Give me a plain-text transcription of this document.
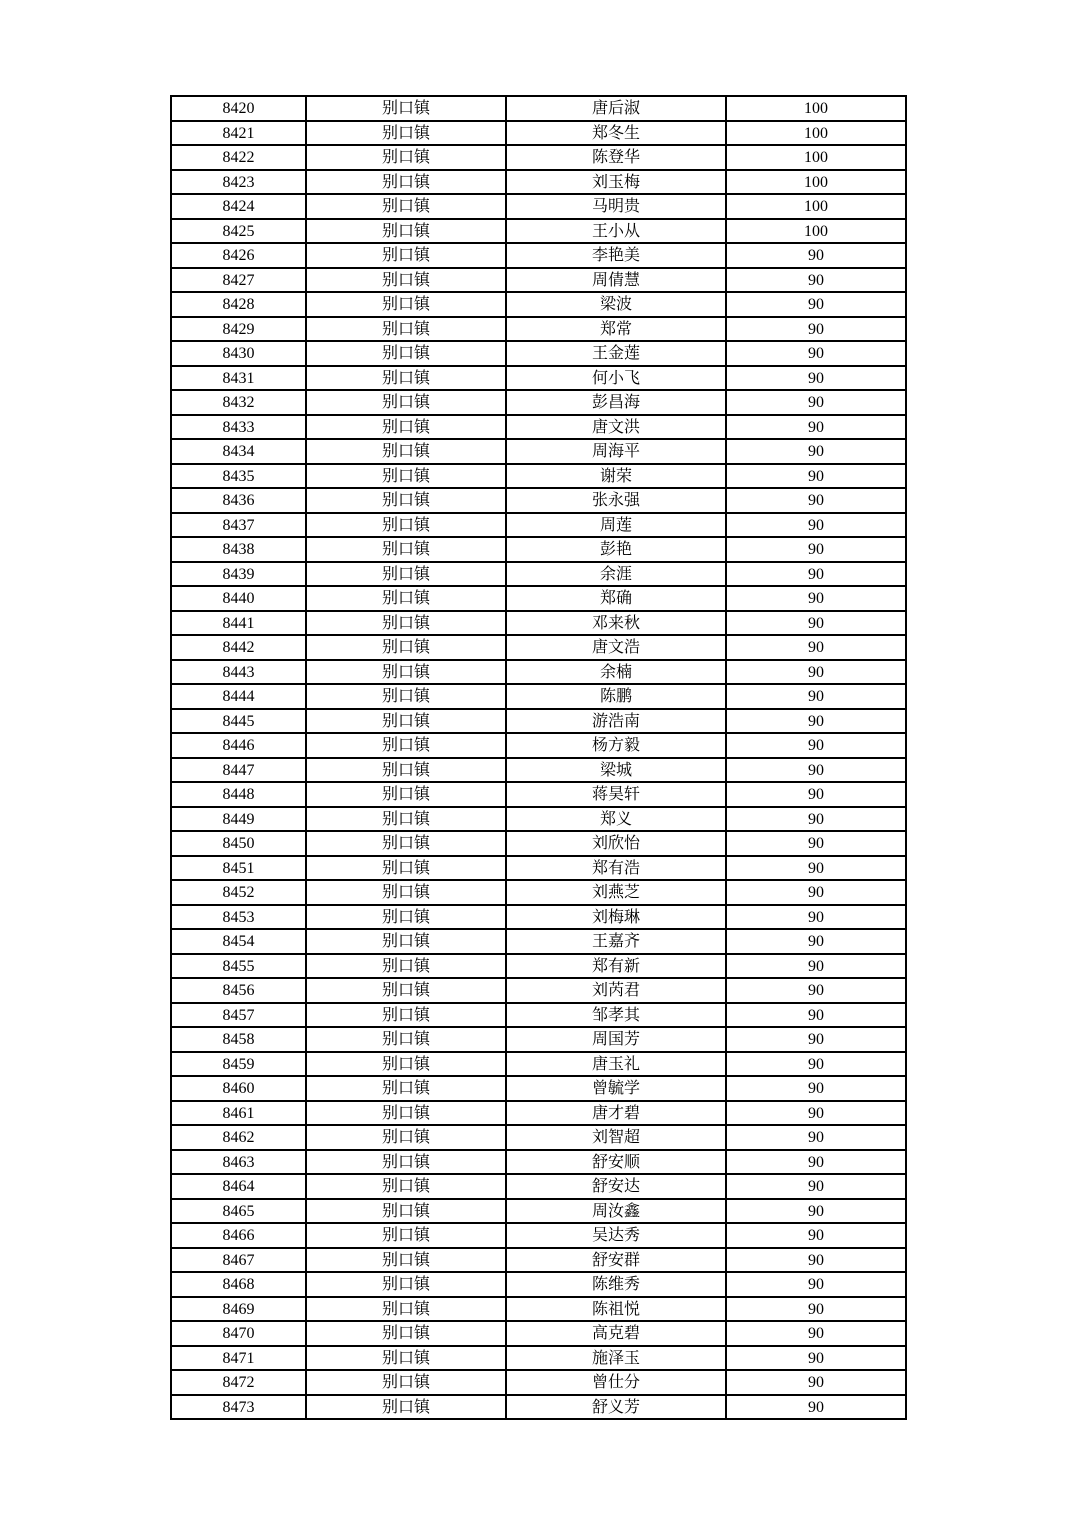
8420	别口镇	唐后淑	100
8421	别口镇	郑冬生	100
8422	别口镇	陈登华	100
8423	别口镇	刘玉梅	100
8424	别口镇	马明贵	100
8425	别口镇	王小从	100
8426	别口镇	李艳美	90
8427	别口镇	周倩慧	90
8428	别口镇	梁波	90
8429	别口镇	郑常	90
8430	别口镇	王金莲	90
8431	别口镇	何小飞	90
8432	别口镇	彭昌海	90
8433	别口镇	唐文洪	90
8434	别口镇	周海平	90
8435	别口镇	谢荣	90
8436	别口镇	张永强	90
8437	别口镇	周莲	90
8438	别口镇	彭艳	90
8439	别口镇	余涯	90
8440	别口镇	郑确	90
8441	别口镇	邓来秋	90
8442	别口镇	唐文浩	90
8443	别口镇	余楠	90
8444	别口镇	陈鹏	90
8445	别口镇	游浩南	90
8446	别口镇	杨方毅	90
8447	别口镇	梁城	90
8448	别口镇	蒋昊轩	90
8449	别口镇	郑义	90
8450	别口镇	刘欣怡	90
8451	别口镇	郑有浩	90
8452	别口镇	刘燕芝	90
8453	别口镇	刘梅琳	90
8454	别口镇	王嘉齐	90
8455	别口镇	郑有新	90
8456	别口镇	刘芮君	90
8457	别口镇	邹孝其	90
8458	别口镇	周国芳	90
8459	别口镇	唐玉礼	90
8460	别口镇	曾毓学	90
8461	别口镇	唐才碧	90
8462	别口镇	刘智超	90
8463	别口镇	舒安顺	90
8464	别口镇	舒安达	90
8465	别口镇	周汝鑫	90
8466	别口镇	吴达秀	90
8467	别口镇	舒安群	90
8468	别口镇	陈维秀	90
8469	别口镇	陈祖悦	90
8470	别口镇	高克碧	90
8471	别口镇	施泽玉	90
8472	别口镇	曾仕分	90
8473	别口镇	舒义芳	90
